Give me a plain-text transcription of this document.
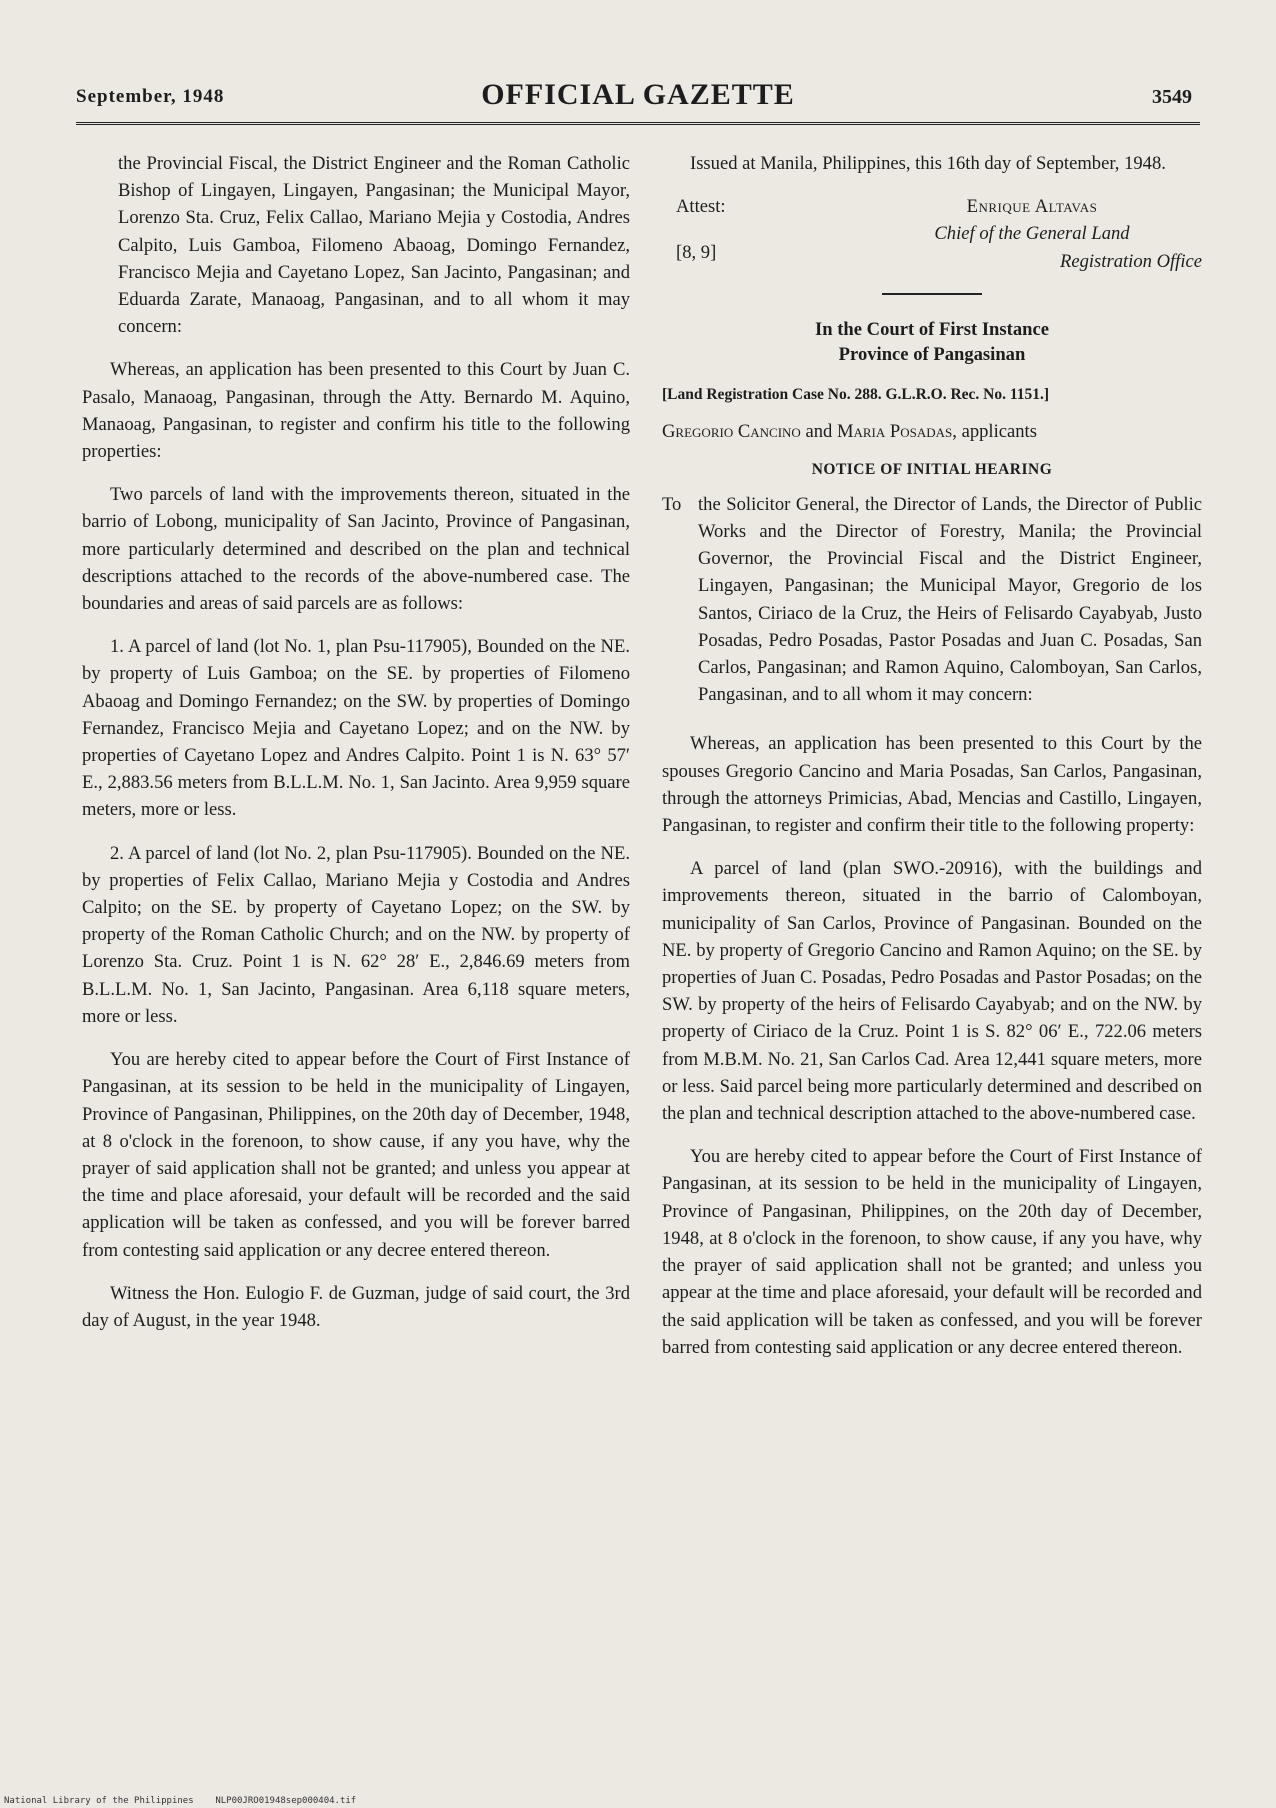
September, 1948	OFFICIAL GAZETTE	3549

the Provincial Fiscal, the District Engineer and the Roman Catholic Bishop of Lingayen, Lingayen, Pangasinan; the Municipal Mayor, Lorenzo Sta. Cruz, Felix Callao, Mariano Mejia y Costodia, Andres Calpito, Luis Gamboa, Filomeno Abaoag, Domingo Fernandez, Francisco Mejia and Cayetano Lopez, San Jacinto, Pangasinan; and Eduarda Zarate, Manaoag, Pangasinan, and to all whom it may concern:

Whereas, an application has been presented to this Court by Juan C. Pasalo, Manaoag, Pangasinan, through the Atty. Bernardo M. Aquino, Manaoag, Pangasinan, to register and confirm his title to the following properties:

Two parcels of land with the improvements thereon, situated in the barrio of Lobong, municipality of San Jacinto, Province of Pangasinan, more particularly determined and described on the plan and technical descriptions attached to the records of the above-numbered case. The boundaries and areas of said parcels are as follows:

1. A parcel of land (lot No. 1, plan Psu-117905), Bounded on the NE. by property of Luis Gamboa; on the SE. by properties of Filomeno Abaoag and Domingo Fernandez; on the SW. by properties of Domingo Fernandez, Francisco Mejia and Cayetano Lopez; and on the NW. by properties of Cayetano Lopez and Andres Calpito. Point 1 is N. 63° 57′ E., 2,883.56 meters from B.L.L.M. No. 1, San Jacinto. Area 9,959 square meters, more or less.

2. A parcel of land (lot No. 2, plan Psu-117905). Bounded on the NE. by properties of Felix Callao, Mariano Mejia y Costodia and Andres Calpito; on the SE. by property of Cayetano Lopez; on the SW. by property of the Roman Catholic Church; and on the NW. by property of Lorenzo Sta. Cruz. Point 1 is N. 62° 28′ E., 2,846.69 meters from B.L.L.M. No. 1, San Jacinto, Pangasinan. Area 6,118 square meters, more or less.

You are hereby cited to appear before the Court of First Instance of Pangasinan, at its session to be held in the municipality of Lingayen, Province of Pangasinan, Philippines, on the 20th day of December, 1948, at 8 o'clock in the forenoon, to show cause, if any you have, why the prayer of said application shall not be granted; and unless you appear at the time and place aforesaid, your default will be recorded and the said application will be taken as confessed, and you will be forever barred from contesting said application or any decree entered thereon.

Witness the Hon. Eulogio F. de Guzman, judge of said court, the 3rd day of August, in the year 1948.

Issued at Manila, Philippines, this 16th day of September, 1948.

Attest:
[8, 9]
Enrique Altavas
Chief of the General Land
Registration Office
In the Court of First Instance
Province of Pangasinan
[Land Registration Case No. 288. G.L.R.O. Rec. No. 1151.]
Gregorio Cancino and Maria Posadas, applicants
NOTICE OF INITIAL HEARING
To the Solicitor General, the Director of Lands, the Director of Public Works and the Director of Forestry, Manila; the Provincial Governor, the Provincial Fiscal and the District Engineer, Lingayen, Pangasinan; the Municipal Mayor, Gregorio de los Santos, Ciriaco de la Cruz, the Heirs of Felisardo Cayabyab, Justo Posadas, Pedro Posadas, Pastor Posadas and Juan C. Posadas, San Carlos, Pangasinan; and Ramon Aquino, Calomboyan, San Carlos, Pangasinan, and to all whom it may concern:

Whereas, an application has been presented to this Court by the spouses Gregorio Cancino and Maria Posadas, San Carlos, Pangasinan, through the attorneys Primicias, Abad, Mencias and Castillo, Lingayen, Pangasinan, to register and confirm their title to the following property:

A parcel of land (plan SWO.-20916), with the buildings and improvements thereon, situated in the barrio of Calomboyan, municipality of San Carlos, Province of Pangasinan. Bounded on the NE. by property of Gregorio Cancino and Ramon Aquino; on the SE. by properties of Juan C. Posadas, Pedro Posadas and Pastor Posadas; on the SW. by property of the heirs of Felisardo Cayabyab; and on the NW. by property of Ciriaco de la Cruz. Point 1 is S. 82° 06′ E., 722.06 meters from M.B.M. No. 21, San Carlos Cad. Area 12,441 square meters, more or less. Said parcel being more particularly determined and described on the plan and technical description attached to the above-numbered case.

You are hereby cited to appear before the Court of First Instance of Pangasinan, at its session to be held in the municipality of Lingayen, Province of Pangasinan, Philippines, on the 20th day of December, 1948, at 8 o'clock in the forenoon, to show cause, if any you have, why the prayer of said application shall not be granted; and unless you appear at the time and place aforesaid, your default will be recorded and the said application will be taken as confessed, and you will be forever barred from contesting said application or any decree entered thereon.

National Library of the Philippines NLP00JRO01948sep000404.tif
